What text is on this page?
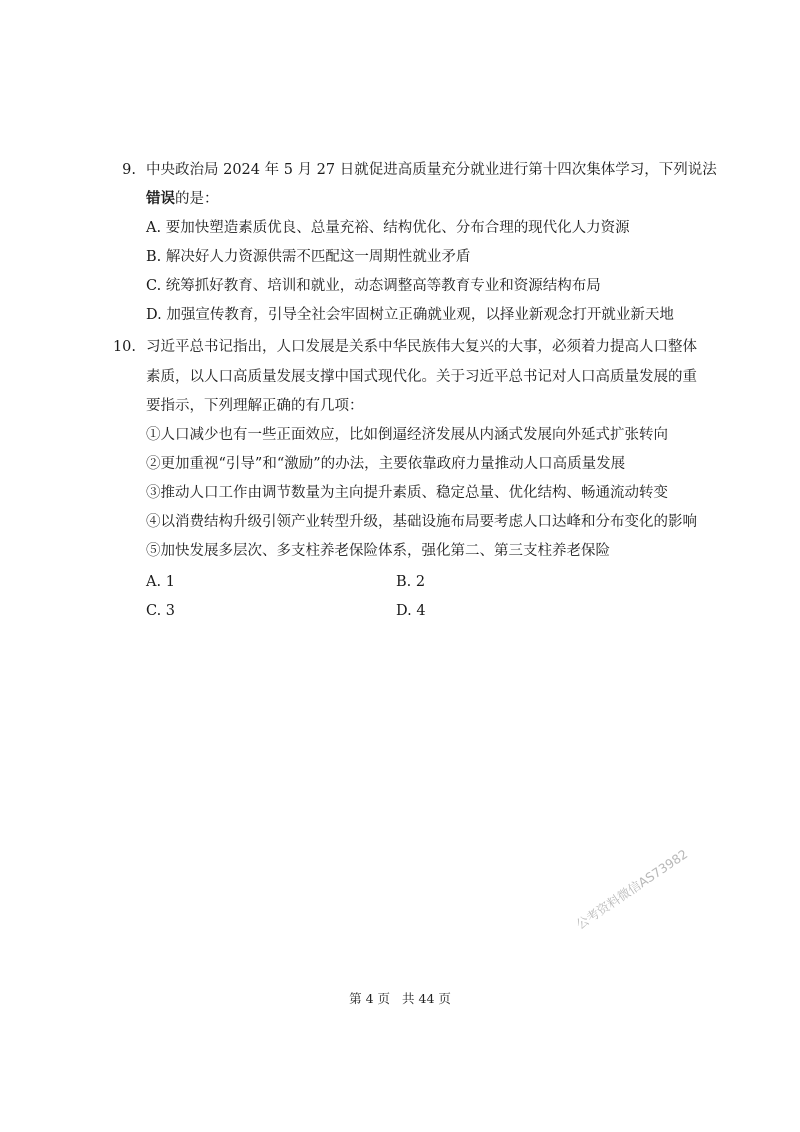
9. 中央政治局 2024 年 5 月 27 日就促进高质量充分就业进行第十四次集体学习，下列说法
错误的是：
A. 要加快塑造素质优良、总量充裕、结构优化、分布合理的现代化人力资源
B. 解决好人力资源供需不匹配这一周期性就业矛盾
C. 统筹抓好教育、培训和就业，动态调整高等教育专业和资源结构布局
D. 加强宣传教育，引导全社会牢固树立正确就业观，以择业新观念打开就业新天地
10. 习近平总书记指出，人口发展是关系中华民族伟大复兴的大事，必须着力提高人口整体
素质，以人口高质量发展支撑中国式现代化。关于习近平总书记对人口高质量发展的重
要指示，下列理解正确的有几项：
①人口减少也有一些正面效应，比如倒逼经济发展从内涵式发展向外延式扩张转向
②更加重视“引导”和“激励”的办法，主要依靠政府力量推动人口高质量发展
③推动人口工作由调节数量为主向提升素质、稳定总量、优化结构、畅通流动转变
④以消费结构升级引领产业转型升级，基础设施布局要考虑人口达峰和分布变化的影响
⑤加快发展多层次、多支柱养老保险体系，强化第二、第三支柱养老保险
A. 1	B. 2
C. 3	D. 4
公考资料微信AS73982
第 4 页 共 44 页
